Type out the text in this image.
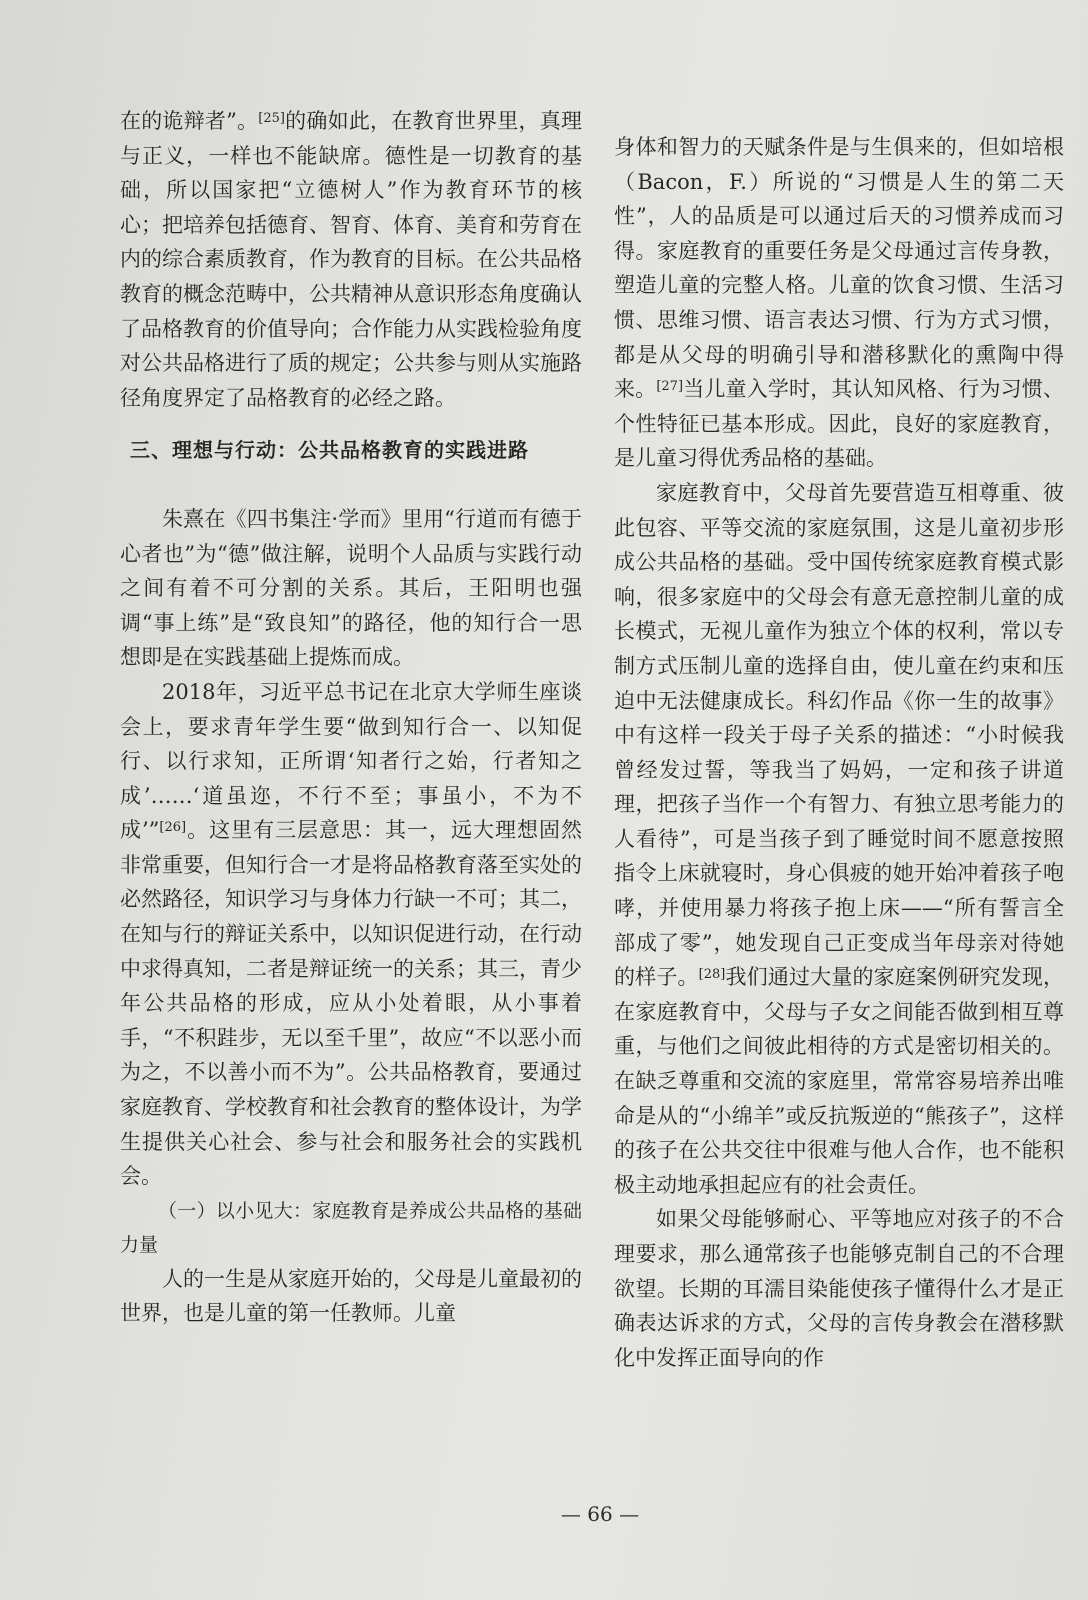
在的诡辩者”。[25]的确如此，在教育世界里，真理与正义，一样也不能缺席。德性是一切教育的基础，所以国家把“立德树人”作为教育环节的核心；把培养包括德育、智育、体育、美育和劳育在内的综合素质教育，作为教育的目标。在公共品格教育的概念范畴中，公共精神从意识形态角度确认了品格教育的价值导向；合作能力从实践检验角度对公共品格进行了质的规定；公共参与则从实施路径角度界定了品格教育的必经之路。

三、理想与行动：公共品格教育的实践进路

朱熹在《四书集注·学而》里用“行道而有德于心者也”为“德”做注解，说明个人品质与实践行动之间有着不可分割的关系。其后，王阳明也强调“事上练”是“致良知”的路径，他的知行合一思想即是在实践基础上提炼而成。

2018年，习近平总书记在北京大学师生座谈会上，要求青年学生要“做到知行合一、以知促行、以行求知，正所谓‘知者行之始，行者知之成’……‘道虽迩，不行不至；事虽小，不为不成’”[26]。这里有三层意思：其一，远大理想固然非常重要，但知行合一才是将品格教育落至实处的必然路径，知识学习与身体力行缺一不可；其二，在知与行的辩证关系中，以知识促进行动，在行动中求得真知，二者是辩证统一的关系；其三，青少年公共品格的形成，应从小处着眼，从小事着手，“不积跬步，无以至千里”，故应“不以恶小而为之，不以善小而不为”。公共品格教育，要通过家庭教育、学校教育和社会教育的整体设计，为学生提供关心社会、参与社会和服务社会的实践机会。

（一）以小见大：家庭教育是养成公共品格的基础力量

人的一生是从家庭开始的，父母是儿童最初的世界，也是儿童的第一任教师。儿童

身体和智力的天赋条件是与生俱来的，但如培根（Bacon，F.）所说的“习惯是人生的第二天性”，人的品质是可以通过后天的习惯养成而习得。家庭教育的重要任务是父母通过言传身教，塑造儿童的完整人格。儿童的饮食习惯、生活习惯、思维习惯、语言表达习惯、行为方式习惯，都是从父母的明确引导和潜移默化的熏陶中得来。[27]当儿童入学时，其认知风格、行为习惯、个性特征已基本形成。因此，良好的家庭教育，是儿童习得优秀品格的基础。

家庭教育中，父母首先要营造互相尊重、彼此包容、平等交流的家庭氛围，这是儿童初步形成公共品格的基础。受中国传统家庭教育模式影响，很多家庭中的父母会有意无意控制儿童的成长模式，无视儿童作为独立个体的权利，常以专制方式压制儿童的选择自由，使儿童在约束和压迫中无法健康成长。科幻作品《你一生的故事》中有这样一段关于母子关系的描述：“小时候我曾经发过誓，等我当了妈妈，一定和孩子讲道理，把孩子当作一个有智力、有独立思考能力的人看待”，可是当孩子到了睡觉时间不愿意按照指令上床就寝时，身心俱疲的她开始冲着孩子咆哮，并使用暴力将孩子抱上床——“所有誓言全部成了零”，她发现自己正变成当年母亲对待她的样子。[28]我们通过大量的家庭案例研究发现，在家庭教育中，父母与子女之间能否做到相互尊重，与他们之间彼此相待的方式是密切相关的。在缺乏尊重和交流的家庭里，常常容易培养出唯命是从的“小绵羊”或反抗叛逆的“熊孩子”，这样的孩子在公共交往中很难与他人合作，也不能积极主动地承担起应有的社会责任。

如果父母能够耐心、平等地应对孩子的不合理要求，那么通常孩子也能够克制自己的不合理欲望。长期的耳濡目染能使孩子懂得什么才是正确表达诉求的方式，父母的言传身教会在潜移默化中发挥正面导向的作

— 66 —
